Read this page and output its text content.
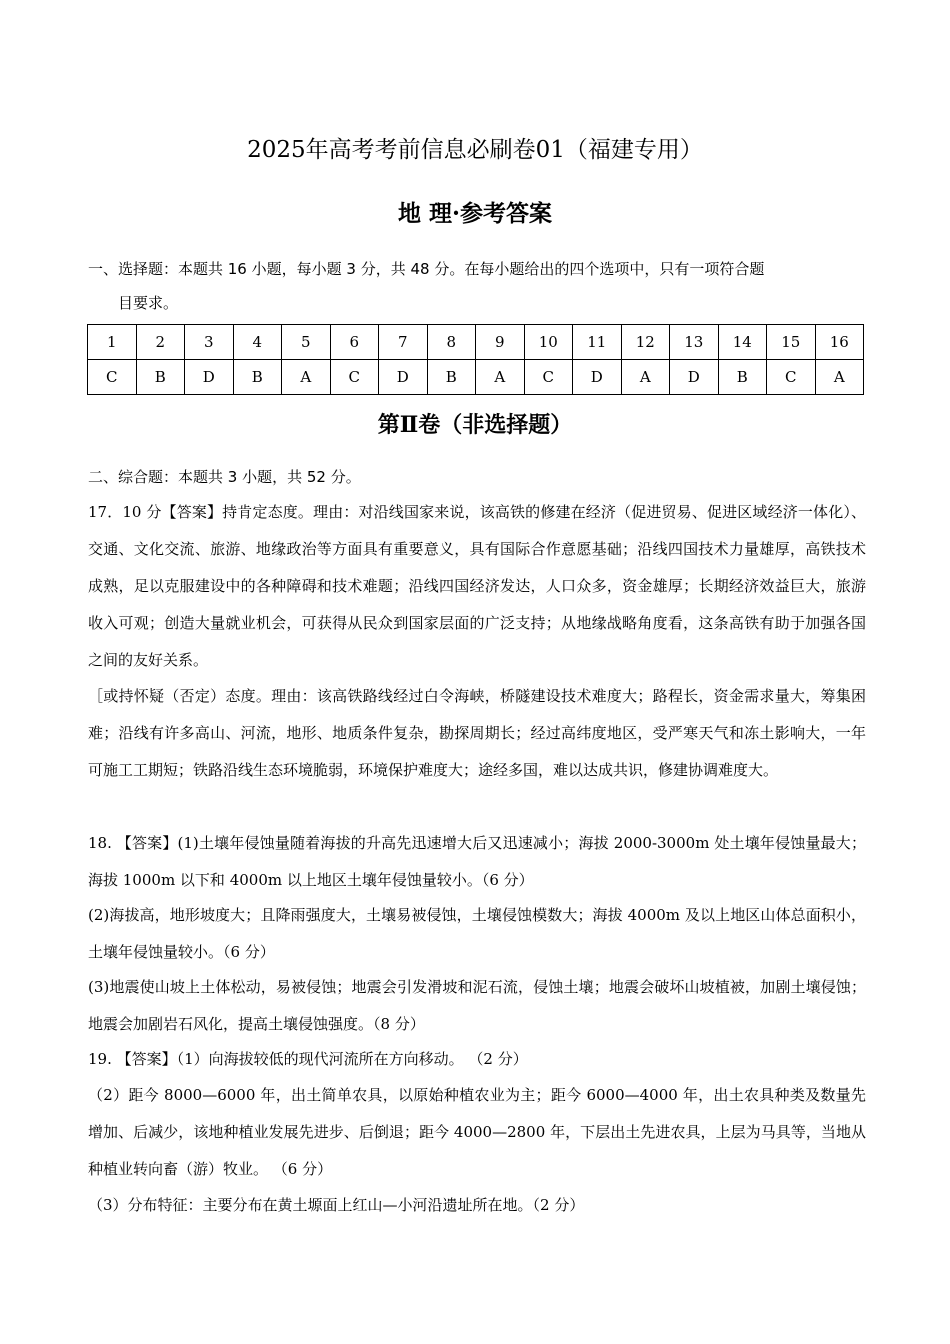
2025年高考考前信息必刷卷01（福建专用）
地 理·参考答案
一、选择题：本题共 16 小题，每小题 3 分，共 48 分。在每小题给出的四个选项中，只有一项符合题
目要求。
1	2	3	4	5	6	7	8	9	10	11	12	13	14	15	16
C	B	D	B	A	C	D	B	A	C	D	A	D	B	C	A
第Ⅱ卷（非选择题）
二、综合题：本题共 3 小题，共 52 分。
17．10 分【答案】持肯定态度。理由：对沿线国家来说，该高铁的修建在经济（促进贸易、促进区域经济一体化）、交通、文化交流、旅游、地缘政治等方面具有重要意义，具有国际合作意愿基础；沿线四国技术力量雄厚，高铁技术成熟，足以克服建设中的各种障碍和技术难题；沿线四国经济发达，人口众多，资金雄厚；长期经济效益巨大，旅游收入可观；创造大量就业机会，可获得从民众到国家层面的广泛支持；从地缘战略角度看，这条高铁有助于加强各国之间的友好关系。
［或持怀疑（否定）态度。理由：该高铁路线经过白令海峡，桥隧建设技术难度大；路程长，资金需求量大，筹集困难；沿线有许多高山、河流，地形、地质条件复杂，勘探周期长；经过高纬度地区，受严寒天气和冻土影响大，一年可施工工期短；铁路沿线生态环境脆弱，环境保护难度大；途经多国，难以达成共识，修建协调难度大。
18. 【答案】(1)土壤年侵蚀量随着海拔的升高先迅速增大后又迅速减小；海拔 2000-3000m 处土壤年侵蚀量最大；海拔 1000m 以下和 4000m 以上地区土壤年侵蚀量较小。（6 分）
(2)海拔高，地形坡度大；且降雨强度大，土壤易被侵蚀，土壤侵蚀模数大；海拔 4000m 及以上地区山体总面积小，土壤年侵蚀量较小。（6 分）
(3)地震使山坡上土体松动，易被侵蚀；地震会引发滑坡和泥石流，侵蚀土壤；地震会破坏山坡植被，加剧土壤侵蚀；地震会加剧岩石风化，提高土壤侵蚀强度。（8 分）
19. 【答案】（1）向海拔较低的现代河流所在方向移动。 （2 分）
（2）距今 8000—6000 年，出土简单农具，以原始种植农业为主；距今 6000—4000 年，出土农具种类及数量先增加、后减少，该地种植业发展先进步、后倒退；距今 4000—2800 年，下层出土先进农具，上层为马具等，当地从种植业转向畜（游）牧业。 （6 分）
（3）分布特征：主要分布在黄土塬面上红山—小河沿遗址所在地。（2 分）
